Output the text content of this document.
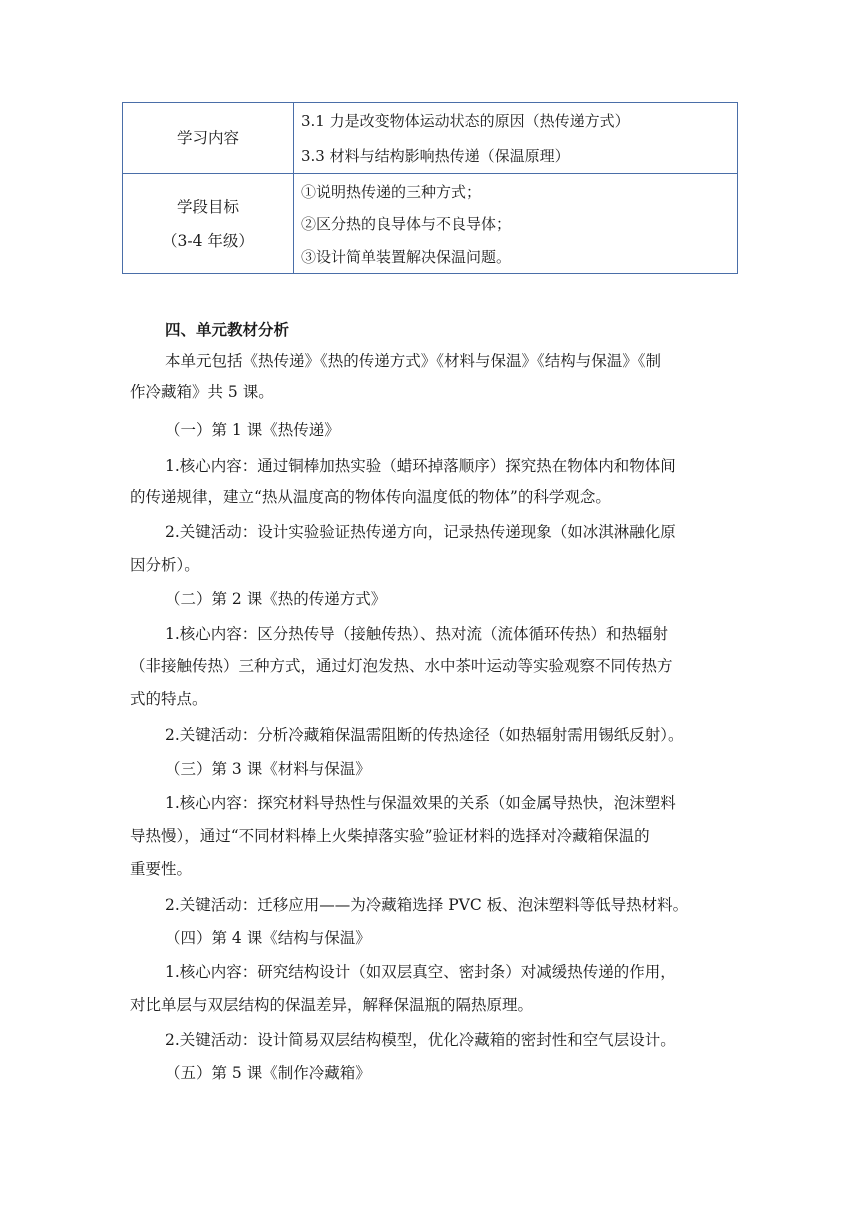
学习内容
3.1 力是改变物体运动状态的原因（热传递方式）
3.3 材料与结构影响热传递（保温原理）
学段目标
（3-4 年级）
①说明热传递的三种方式；
②区分热的良导体与不良导体；
③设计简单装置解决保温问题。
四、单元教材分析
本单元包括《热传递》《热的传递方式》《材料与保温》《结构与保温》《制
作冷藏箱》共 5 课。
（一）第 1 课《热传递》
1.核心内容：通过铜棒加热实验（蜡环掉落顺序）探究热在物体内和物体间
的传递规律，建立“热从温度高的物体传向温度低的物体”的科学观念。
2.关键活动：设计实验验证热传递方向，记录热传递现象（如冰淇淋融化原
因分析）。
（二）第 2 课《热的传递方式》
1.核心内容：区分热传导（接触传热）、热对流（流体循环传热）和热辐射
（非接触传热）三种方式，通过灯泡发热、水中茶叶运动等实验观察不同传热方
式的特点。
2.关键活动：分析冷藏箱保温需阻断的传热途径（如热辐射需用锡纸反射）。
（三）第 3 课《材料与保温》
1.核心内容：探究材料导热性与保温效果的关系（如金属导热快，泡沫塑料
导热慢），通过“不同材料棒上火柴掉落实验”验证材料的选择对冷藏箱保温的
重要性。
2.关键活动：迁移应用——为冷藏箱选择 PVC 板、泡沫塑料等低导热材料。
（四）第 4 课《结构与保温》
1.核心内容：研究结构设计（如双层真空、密封条）对减缓热传递的作用，
对比单层与双层结构的保温差异，解释保温瓶的隔热原理。
2.关键活动：设计简易双层结构模型，优化冷藏箱的密封性和空气层设计。
（五）第 5 课《制作冷藏箱》
